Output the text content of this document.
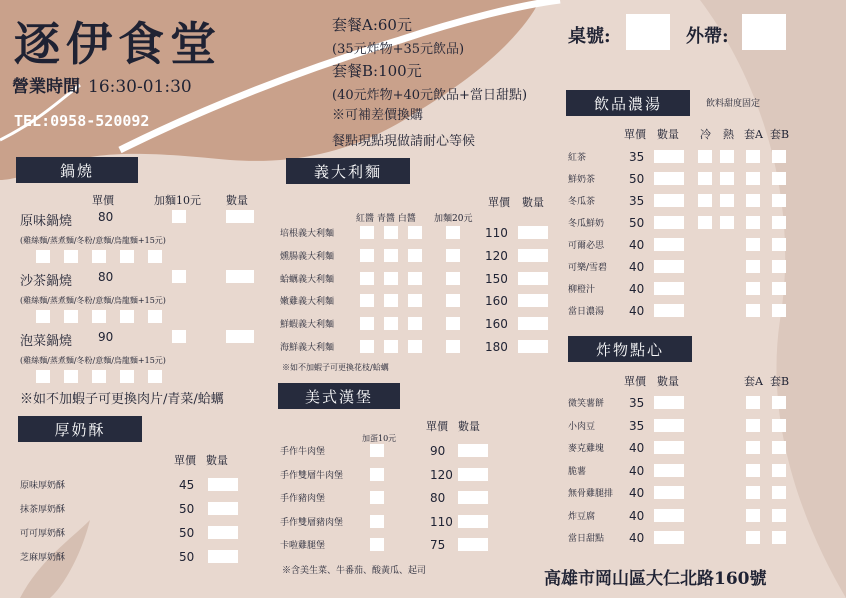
逐伊食堂
營業時間 16:30-01:30
TEL:0958-520092
套餐A:60元
(35元炸物+35元飲品)
套餐B:100元
(40元炸物+40元飲品+當日甜點)
※可補差價換購
餐點現點現做請耐心等候
桌號:	外帶:
鍋燒
單價	加麵10元 數量
原味鍋燒 80
(雞絲麵/蒸煮麵/冬粉/意麵/烏龍麵+15元)
沙茶鍋燒 80
(雞絲麵/蒸煮麵/冬粉/意麵/烏龍麵+15元)
泡菜鍋燒 90
(雞絲麵/蒸煮麵/冬粉/意麵/烏龍麵+15元)
※如不加蝦子可更換肉片/青菜/蛤蠣
厚奶酥
單價 數量
原味厚奶酥	45
抹茶厚奶酥	50
可可厚奶酥	50
芝麻厚奶酥	50
義大利麵
單價 數量
紅醬 青醬 白醬 加麵20元
培根義大利麵	110
燻腸義大利麵	120
蛤蠣義大利麵	150
嫩雞義大利麵	160
鮮蝦義大利麵	160
海鮮義大利麵	180
※如不加蝦子可更換花枝/蛤蠣
美式漢堡
單價 數量
加蛋10元
手作牛肉堡	90
手作雙層牛肉堡	120
手作豬肉堡	80
手作雙層豬肉堡	110
卡啦雞腿堡	75
※含美生菜、牛番茄、酸黃瓜、起司
飲品濃湯	飲料甜度固定
單價 數量 冷 熱 套A 套B
紅茶	35
鮮奶茶	50
冬瓜茶	35
冬瓜鮮奶 50
可爾必思 40
可樂/雪碧 40
柳橙汁	40
當日濃湯 40
炸物點心
單價 數量	套A 套B
微笑薯餅 35
小肉豆	35
麥克雞塊 40
脆薯	40
無骨雞腿排 40
炸豆腐	40
當日甜點 40
高雄市岡山區大仁北路160號
